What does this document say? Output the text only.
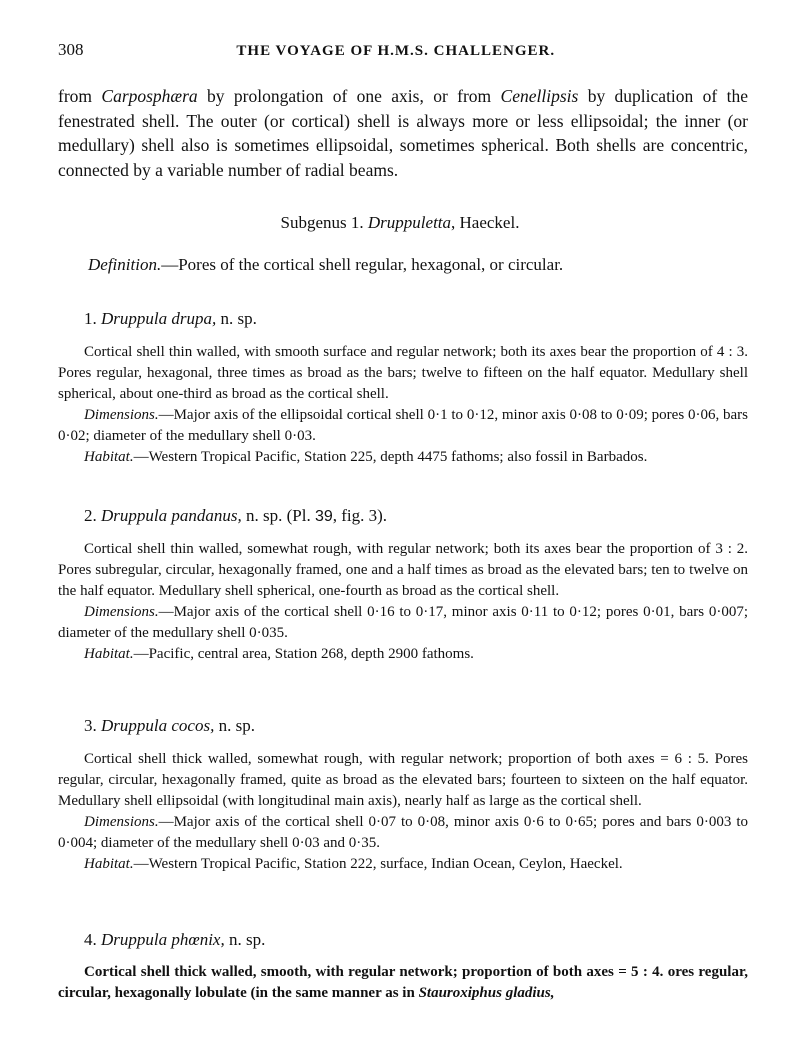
308	THE VOYAGE OF H.M.S. CHALLENGER.
from Carposphæra by prolongation of one axis, or from Cenellipsis by duplication of the fenestrated shell. The outer (or cortical) shell is always more or less ellipsoidal; the inner (or medullary) shell also is sometimes ellipsoidal, sometimes spherical. Both shells are concentric, connected by a variable number of radial beams.
Subgenus 1. Druppuletta, Haeckel.
Definition.—Pores of the cortical shell regular, hexagonal, or circular.
1. Druppula drupa, n. sp.

Cortical shell thin walled, with smooth surface and regular network; both its axes bear the proportion of 4 : 3. Pores regular, hexagonal, three times as broad as the bars; twelve to fifteen on the half equator. Medullary shell spherical, about one-third as broad as the cortical shell.

Dimensions.—Major axis of the ellipsoidal cortical shell 0·1 to 0·12, minor axis 0·08 to 0·09; pores 0·06, bars 0·02; diameter of the medullary shell 0·03.

Habitat.—Western Tropical Pacific, Station 225, depth 4475 fathoms; also fossil in Barbados.

2. Druppula pandanus, n. sp. (Pl. 39, fig. 3).

Cortical shell thin walled, somewhat rough, with regular network; both its axes bear the proportion of 3 : 2. Pores subregular, circular, hexagonally framed, one and a half times as broad as the elevated bars; ten to twelve on the half equator. Medullary shell spherical, one-fourth as broad as the cortical shell.

Dimensions.—Major axis of the cortical shell 0·16 to 0·17, minor axis 0·11 to 0·12; pores 0·01, bars 0·007; diameter of the medullary shell 0·035.

Habitat.—Pacific, central area, Station 268, depth 2900 fathoms.

3. Druppula cocos, n. sp.

Cortical shell thick walled, somewhat rough, with regular network; proportion of both axes = 6 : 5. Pores regular, circular, hexagonally framed, quite as broad as the elevated bars; fourteen to sixteen on the half equator. Medullary shell ellipsoidal (with longitudinal main axis), nearly half as large as the cortical shell.

Dimensions.—Major axis of the cortical shell 0·07 to 0·08, minor axis 0·6 to 0·65; pores and bars 0·003 to 0·004; diameter of the medullary shell 0·03 and 0·35.

Habitat.—Western Tropical Pacific, Station 222, surface, Indian Ocean, Ceylon, Haeckel.

4. Druppula phœnix, n. sp.

Cortical shell thick walled, smooth, with regular network; proportion of both axes = 5 : 4. ores regular, circular, hexagonally lobulate (in the same manner as in Stauroxiphus gladius,
